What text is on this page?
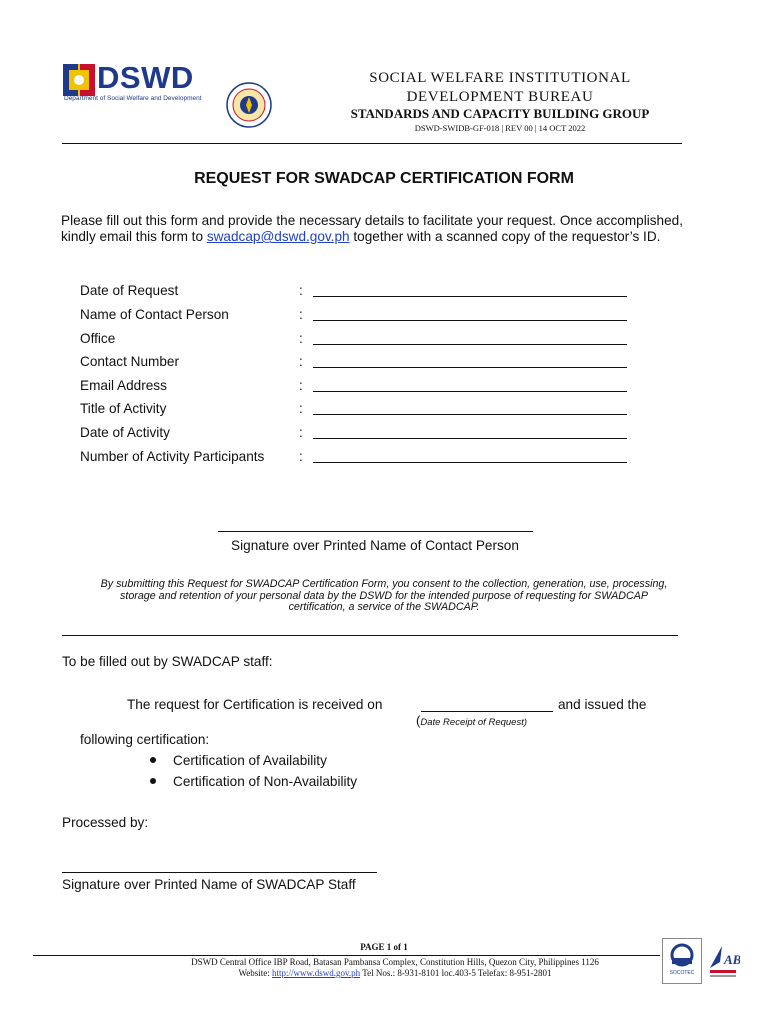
DSWD
Department of Social Welfare and Development
SOCIAL WELFARE INSTITUTIONAL
DEVELOPMENT BUREAU
STANDARDS AND CAPACITY BUILDING GROUP
DSWD-SWIDB-GF-018 | REV 00 | 14 OCT 2022
REQUEST FOR SWADCAP CERTIFICATION FORM
Please fill out this form and provide the necessary details to facilitate your request. Once accomplished, kindly email this form to swadcap@dswd.gov.ph together with a scanned copy of the requestor’s ID.
Date of Request	:
Name of Contact Person	:
Office	:
Contact Number	:
Email Address	:
Title of Activity	:
Date of Activity	:
Number of Activity Participants	:
Signature over Printed Name of Contact Person
By submitting this Request for SWADCAP Certification Form, you consent to the collection, generation, use, processing, storage and retention of your personal data by the DSWD for the intended purpose of requesting for SWADCAP certification, a service of the SWADCAP.
To be filled out by SWADCAP staff:
The request for Certification is received on	and issued the
(Date Receipt of Request)
following certification:
Certification of Availability
Certification of Non-Availability
Processed by:
Signature over Printed Name of SWADCAP Staff
PAGE 1 of 1
DSWD Central Office IBP Road, Batasan Pambansa Complex, Constitution Hills, Quezon City, Philippines 1126
Website: http://www.dswd.gov.ph Tel Nos.: 8-931-8101 loc.403-5 Telefax: 8-951-2801	SOCOTEC
AB
